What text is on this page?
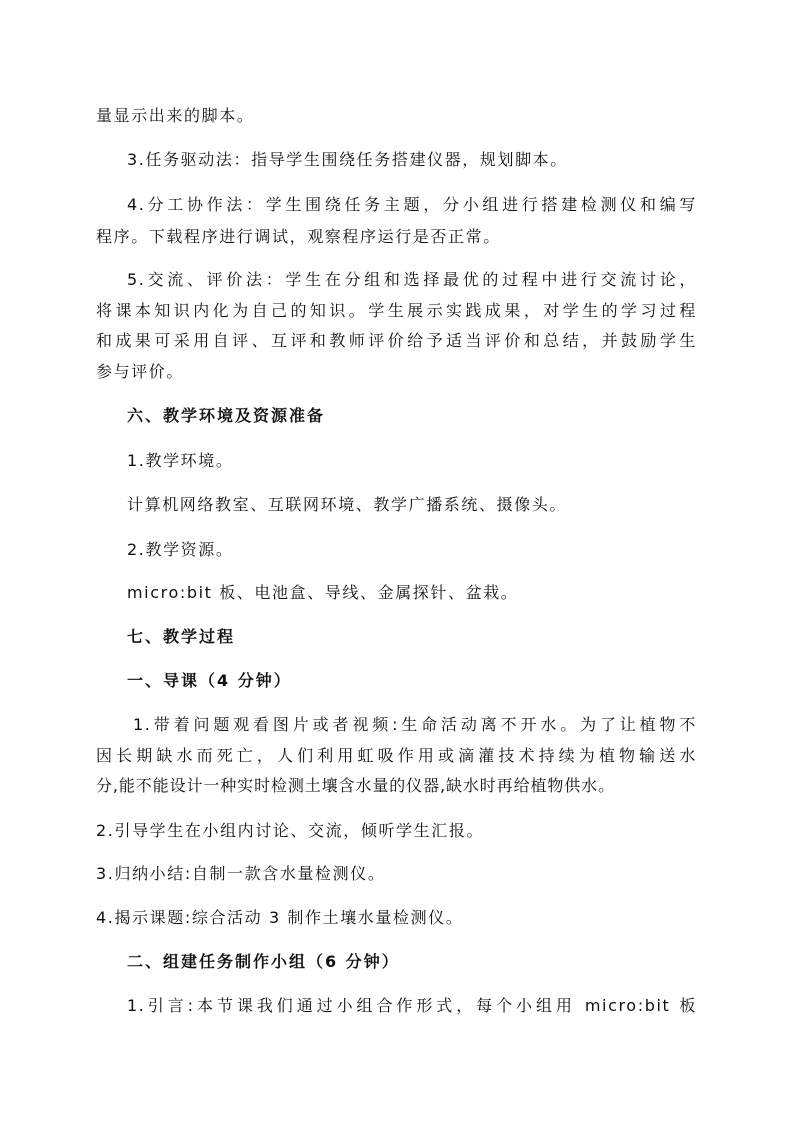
量显示出来的脚本。
3.任务驱动法：指导学生围绕任务搭建仪器，规划脚本。
4.分工协作法：学生围绕任务主题，分小组进行搭建检测仪和编写
程序。下载程序进行调试，观察程序运行是否正常。
5.交流、评价法：学生在分组和选择最优的过程中进行交流讨论，
将课本知识内化为自己的知识。学生展示实践成果，对学生的学习过程
和成果可采用自评、互评和教师评价给予适当评价和总结，并鼓励学生
参与评价。
六、教学环境及资源准备
1.教学环境。
计算机网络教室、互联网环境、教学广播系统、摄像头。
2.教学资源。
micro:bit 板、电池盒、导线、金属探针、盆栽。
七、教学过程
一、导课（4 分钟）
1.带着问题观看图片或者视频:生命活动离不开水。为了让植物不
因长期缺水而死亡，人们利用虹吸作用或滴灌技术持续为植物输送水
分,能不能设计一种实时检测土壤含水量的仪器,缺水时再给植物供水。
2.引导学生在小组内讨论、交流，倾听学生汇报。
3.归纳小结:自制一款含水量检测仪。
4.揭示课题:综合活动 3 制作土壤水量检测仪。
二、组建任务制作小组（6 分钟）
1.引言:本节课我们通过小组合作形式，每个小组用 micro:bit 板
